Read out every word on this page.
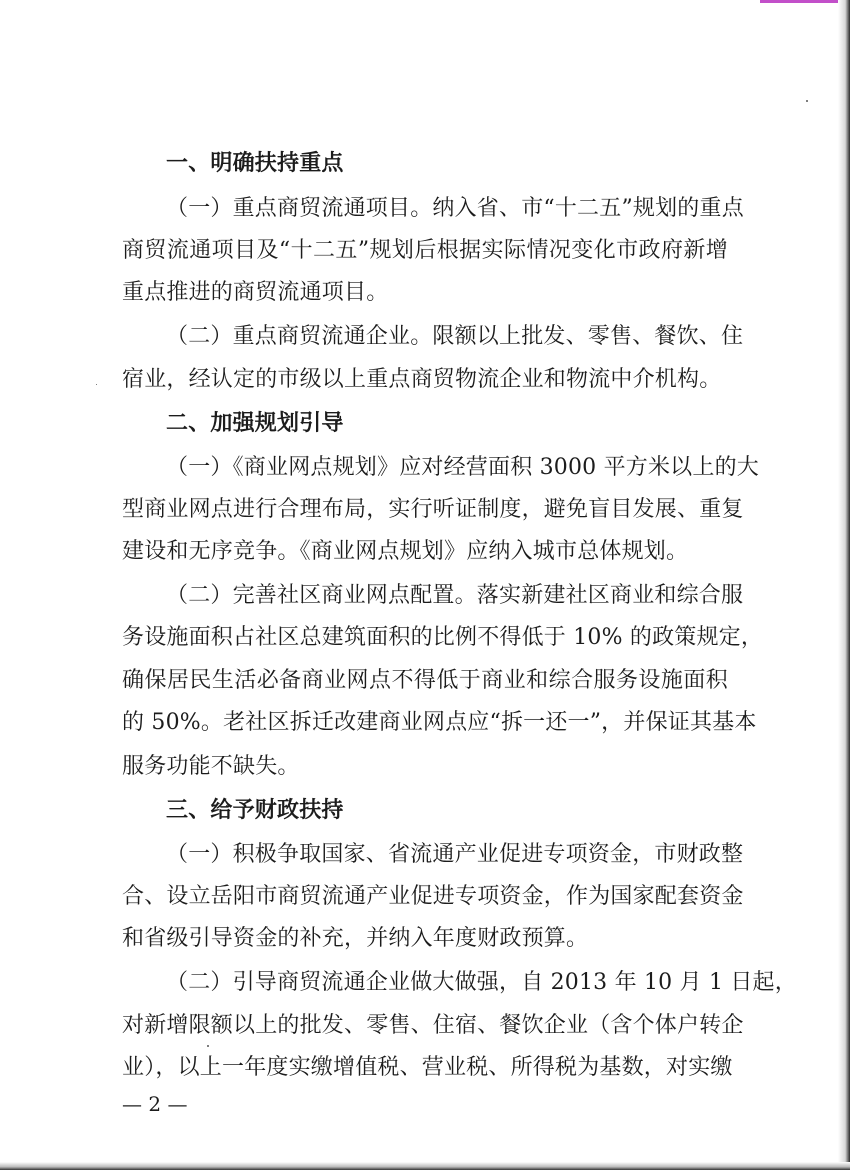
一、明确扶持重点
（一）重点商贸流通项目。纳入省、市“十二五”规划的重点
商贸流通项目及“十二五”规划后根据实际情况变化市政府新增
重点推进的商贸流通项目。
（二）重点商贸流通企业。限额以上批发、零售、餐饮、住
宿业，经认定的市级以上重点商贸物流企业和物流中介机构。
二、加强规划引导
（一）《商业网点规划》应对经营面积 3000 平方米以上的大
型商业网点进行合理布局，实行听证制度，避免盲目发展、重复
建设和无序竞争。《商业网点规划》应纳入城市总体规划。
（二）完善社区商业网点配置。落实新建社区商业和综合服
务设施面积占社区总建筑面积的比例不得低于 10% 的政策规定，
确保居民生活必备商业网点不得低于商业和综合服务设施面积
的 50%。老社区拆迁改建商业网点应“拆一还一”，并保证其基本
服务功能不缺失。
三、给予财政扶持
（一）积极争取国家、省流通产业促进专项资金，市财政整
合、设立岳阳市商贸流通产业促进专项资金，作为国家配套资金
和省级引导资金的补充，并纳入年度财政预算。
（二）引导商贸流通企业做大做强，自 2013 年 10 月 1 日起，
对新增限额以上的批发、零售、住宿、餐饮企业（含个体户转企
业），以上一年度实缴增值税、营业税、所得税为基数，对实缴
— 2 —
